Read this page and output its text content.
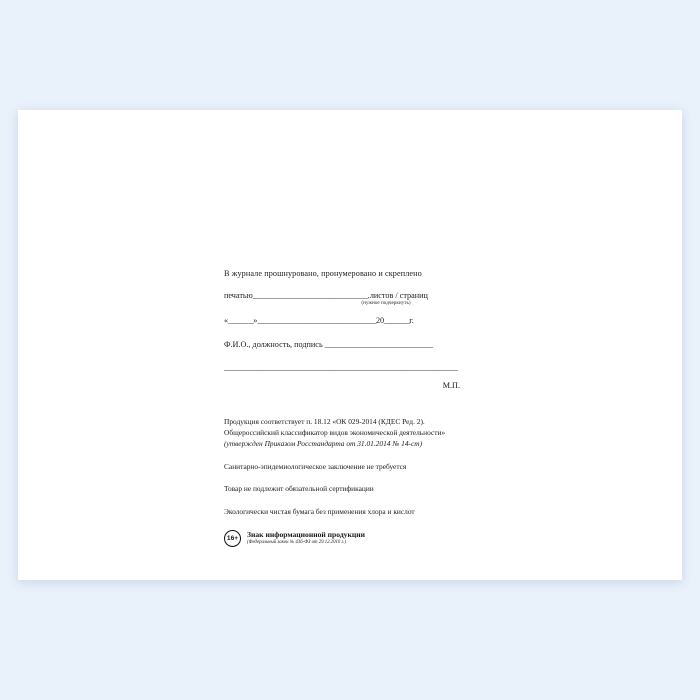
В журнале прошнуровано, пронумеровано и скреплено
печатью________________________________.листов / страниц
(нужное подчеркнуть)
«_______»_________________________________20_______г.
Ф.И.О., должность, подпись ______________________________
_________________________________________________________________
М.П.
Продукция соответствует п. 18.12 «ОК 029-2014 (КДЕС Ред. 2).
Общероссийский классификатор видов экономической деятельности»
(утвержден Приказом Росстандарта от 31.01.2014 № 14-ст)
Санитарно-эпидемиологическое заключение не требуется
Товар не подлежит обязательной сертификации
Экологически чистая бумага без применения хлора и кислот
16+	Знак информационной продукции
(Федеральный закон № 436-ФЗ от 29.12.2010 г.)
